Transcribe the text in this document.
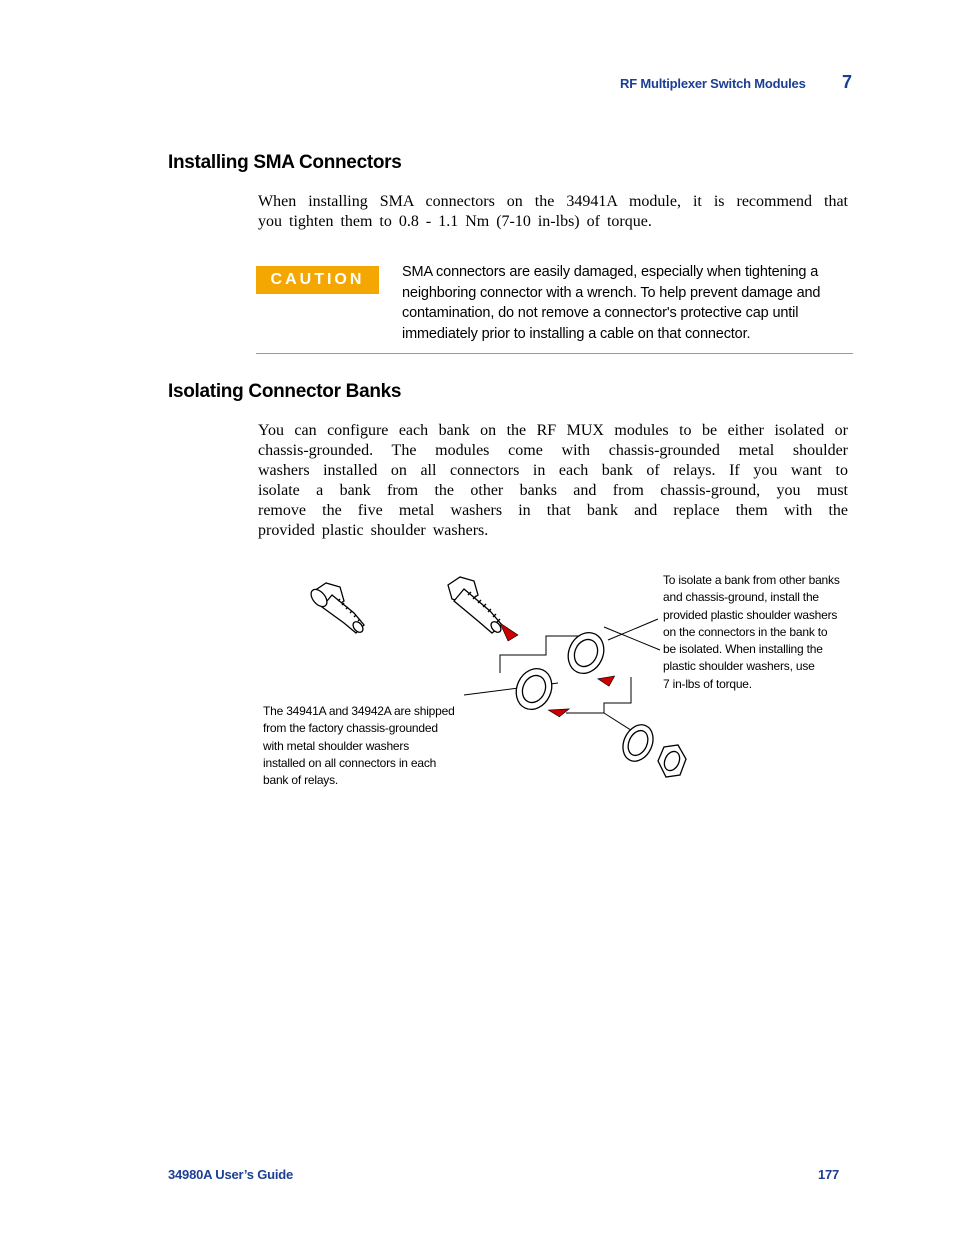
RF Multiplexer Switch Modules 7
Installing SMA Connectors
When installing SMA connectors on the 34941A module, it is recommend that
you tighten them to 0.8 - 1.1 Nm (7-10 in-lbs) of torque.
CAUTION	SMA connectors are easily damaged, especially when tightening a
neighboring connector with a wrench. To help prevent damage and
contamination, do not remove a connector's protective cap until
immediately prior to installing a cable on that connector.
Isolating Connector Banks
You can configure each bank on the RF MUX modules to be either isolated or
chassis-grounded. The modules come with chassis-grounded metal shoulder
washers installed on all connectors in each bank of relays. If you want to
isolate a bank from the other banks and from chassis-ground, you must
remove the five metal washers in that bank and replace them with the
provided plastic shoulder washers.
To isolate a bank from other banks
and chassis-ground, install the
provided plastic shoulder washers
on the connectors in the bank to
be isolated. When installing the
plastic shoulder washers, use
7 in-lbs of torque.
The 34941A and 34942A are shipped
from the factory chassis-grounded
with metal shoulder washers
installed on all connectors in each
bank of relays.
34980A User’s Guide	177
